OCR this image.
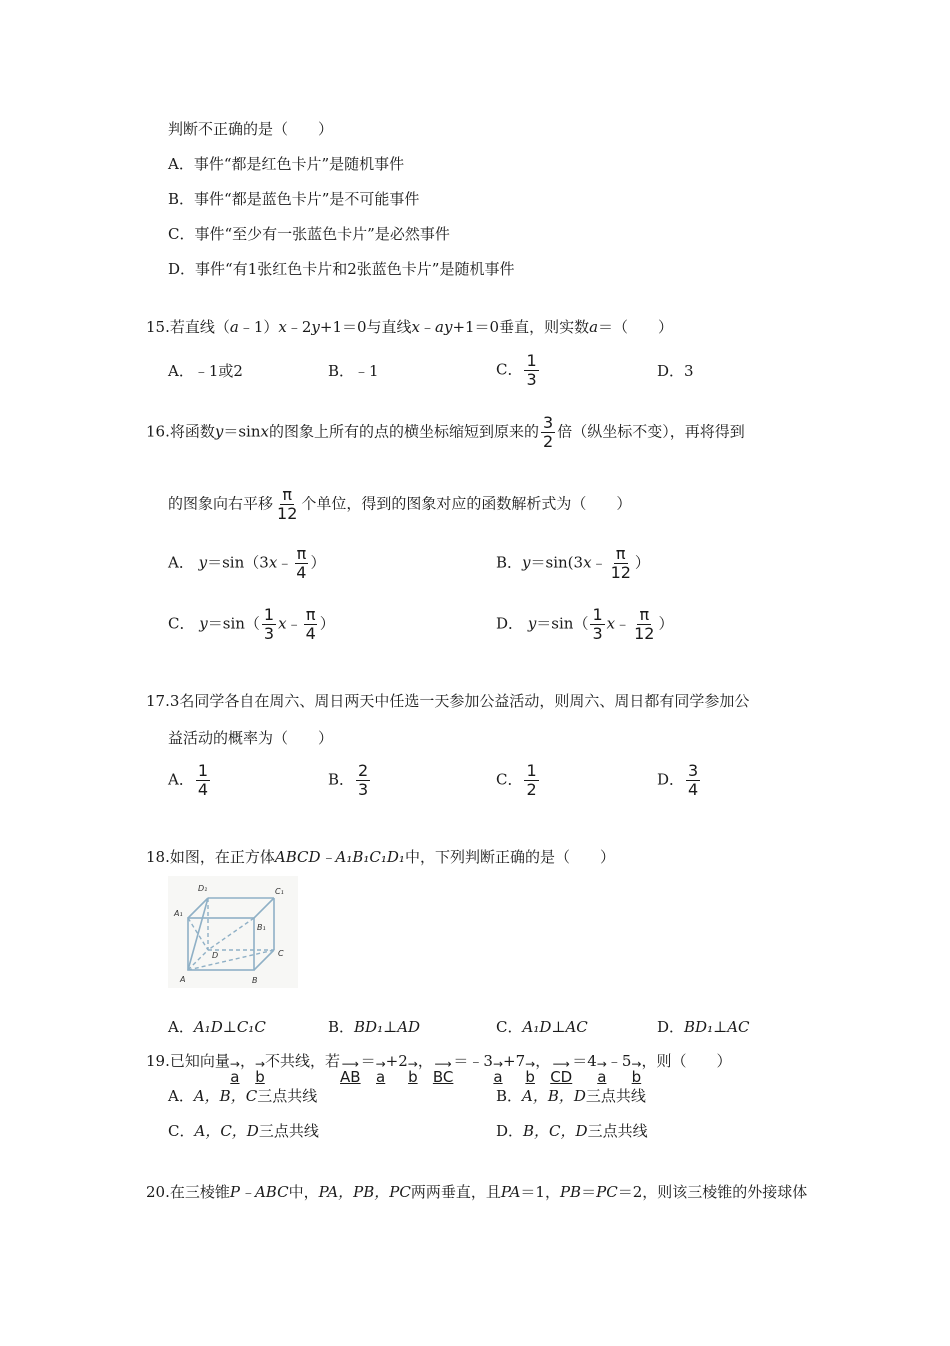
判断不正确的是（　　）
A．事件“都是红色卡片”是随机事件
B．事件“都是蓝色卡片”是不可能事件
C．事件“至少有一张蓝色卡片”是必然事件
D．事件“有1张红色卡片和2张蓝色卡片”是随机事件
15.若直线（a﹣1）x﹣2y+1＝0与直线x﹣ay+1＝0垂直，则实数a＝（　　）
A．﹣1或2	B．﹣1	C． $\frac{1}{3}$	D．3
16.将函数y＝sinx的图象上所有的点的横坐标缩短到原来的 $\frac{3}{2}$ 倍（纵坐标不变），再将得到
的图象向右平移 $\frac{\pi}{12}$ 个单位，得到的图象对应的函数解析式为（　　）
A． y＝sin（3x﹣ $\frac{\pi}{4}$ ）	B．y＝sin(3x﹣ $\frac{\pi}{12}$ ）
C． $y=\sin( \frac{1}{3}$ x﹣ $\frac{\pi}{4}$ ）	D． $y=\sin( \frac{1}{3}$ x﹣ $\frac{\pi}{12}$ ）
17.3名同学各自在周六、周日两天中任选一天参加公益活动，则周六、周日都有同学参加公
益活动的概率为（　　）
A． $\frac{1}{4}$	B． $\frac{2}{3}$	C． $\frac{1}{2}$	D． $\frac{3}{4}$
18.如图，在正方体ABCD﹣A₁B₁C₁D₁中，下列判断正确的是（　　）
D₁	C₁
A₁
B₁
D	C
A	B
A．A₁D⊥C₁C	B．BD₁⊥AD	C．A₁D⊥AC	D．BD₁⊥AC
19.已知向量 →
a
， →
b
不共线，若 ⟶
AB
＝ →
a
+2 →
b
， ⟶
BC
＝﹣3 →
a
+7 →
b
， ⟶
CD
＝4 →
a
﹣5 →
b
，则（　　）
A．A，B，C三点共线	B．A，B，D三点共线
C．A，C，D三点共线	D．B，C，D三点共线
20.在三棱锥P﹣ABC中，PA，PB，PC两两垂直，且PA＝1，PB＝PC＝2，则该三棱锥的外接球体
